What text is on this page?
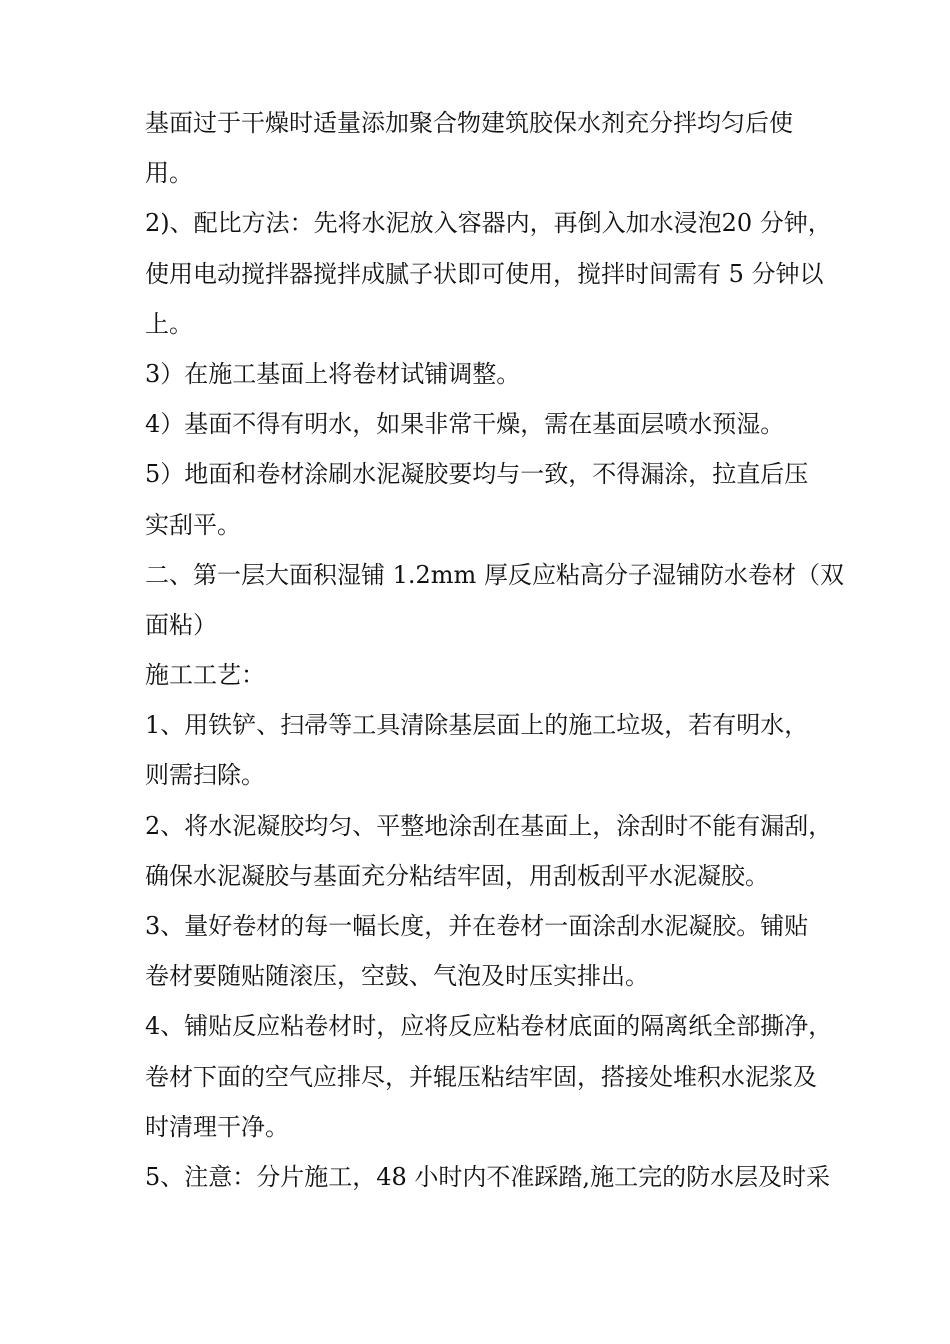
基面过于干燥时适量添加聚合物建筑胶保水剂充分拌均匀后使
用。
2)、配比方法：先将水泥放入容器内，再倒入加水浸泡20 分钟，
使用电动搅拌器搅拌成腻子状即可使用，搅拌时间需有 5 分钟以
上。
3）在施工基面上将卷材试铺调整。
4）基面不得有明水，如果非常干燥，需在基面层喷水预湿。
5）地面和卷材涂刷水泥凝胶要均与一致，不得漏涂，拉直后压
实刮平。
二、第一层大面积湿铺 1.2mm 厚反应粘高分子湿铺防水卷材（双
面粘）
施工工艺：
1、用铁铲、扫帚等工具清除基层面上的施工垃圾，若有明水，
则需扫除。
2、将水泥凝胶均匀、平整地涂刮在基面上，涂刮时不能有漏刮，
确保水泥凝胶与基面充分粘结牢固，用刮板刮平水泥凝胶。
3、量好卷材的每一幅长度，并在卷材一面涂刮水泥凝胶。铺贴
卷材要随贴随滚压，空鼓、气泡及时压实排出。
4、铺贴反应粘卷材时，应将反应粘卷材底面的隔离纸全部撕净，
卷材下面的空气应排尽，并辊压粘结牢固，搭接处堆积水泥浆及
时清理干净。
5、注意：分片施工，48 小时内不准踩踏,施工完的防水层及时采
